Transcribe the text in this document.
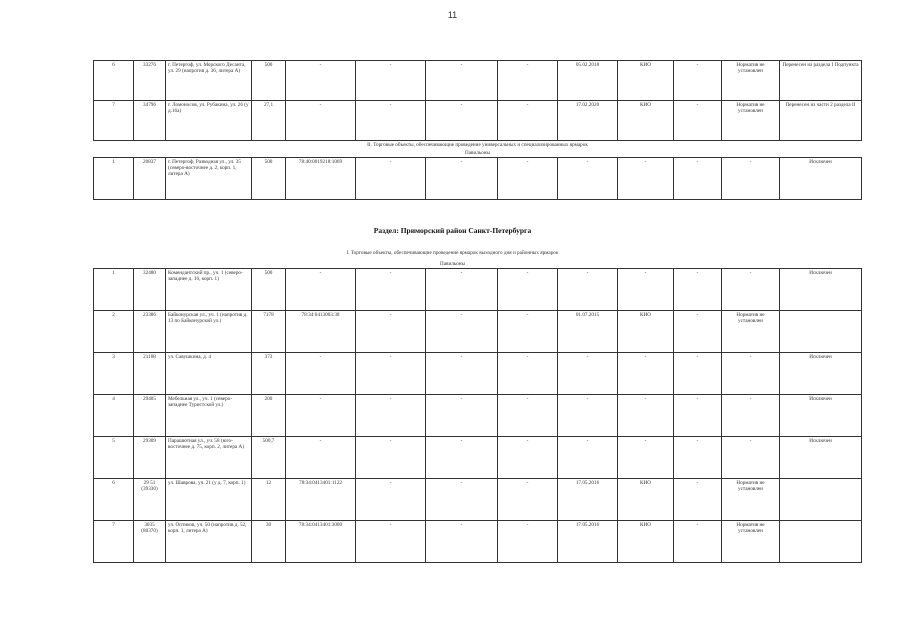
11
6	33276	г. Петергоф, ул. Морского Десанта, ул. 29 (напротив д. 36, литера А)	500	-	-	-	-	05.02.2018	КИО	-	Норматив не установлен	Перенесен из раздела I Подпункта
7	34796	г. Ломоносов, ул. Рубакина, ул. 26 (у д.16а)	27,1	-	-	-	-	17.02.2020	КИО	-	Норматив не установлен	Перенесен из части 2 раздела II
II. Торговые объекты, обеспечивающие проведение универсальных и специализированных ярмарок												
Павильоны												
1	20837	г. Петергоф, Разводная ул., ул. 35 (северо-восточнее д. 2, корп. 1, литера А)	500	78:40:0019218:1069	-	-	-	-	-	-	-	Исключен
Раздел: Приморский район Санкт-Петербурга
I. Торговые объекты, обеспечивающие проведение ярмарок выходного дня и районных ярмарок
Павильоны
1	32480	Комендантский пр., уч. 1 (северо-западнее д. 16, корп. 1)	500	-	-	-	-	-	-	-	-	Исключен
2	23386	Байконурская ул., уч. 1 (напротив д. 13 по Байконурской ул.)	7178	78:34:0413003:38	-	-	-	01.07.2015	КИО	-	Норматив не установлен	
3	21108	ул. Савушкина, д. 4	373	-	-	-	-	-	-	-	-	Исключен
4	29405	Мебельная ул., уч. 1 (северо-западнее Туристской ул.)	200	-	-	-	-	-	-	-	-	Исключен
5	29309	Парашютная ул., уч. 58 (юго-восточнее д. 75, корп. 2, литера А)	500,7	-	-	-	-	-	-	-	-	Исключен
6	29 51 (39330)	ул. Шаврова, уч. 21 (у д. 7, корп. 1)	12	78:34:0413401:1122	-	-	-	17.05.2016	КИО	-	Норматив не установлен	
7	3035 (80370)	ул. Оптиков, уч. 50 (напротив д. 52, корп. 1, литера А)	30	78:34:0413401:3000	-	-	-	17.05.2016	КИО	-	Норматив не установлен	
